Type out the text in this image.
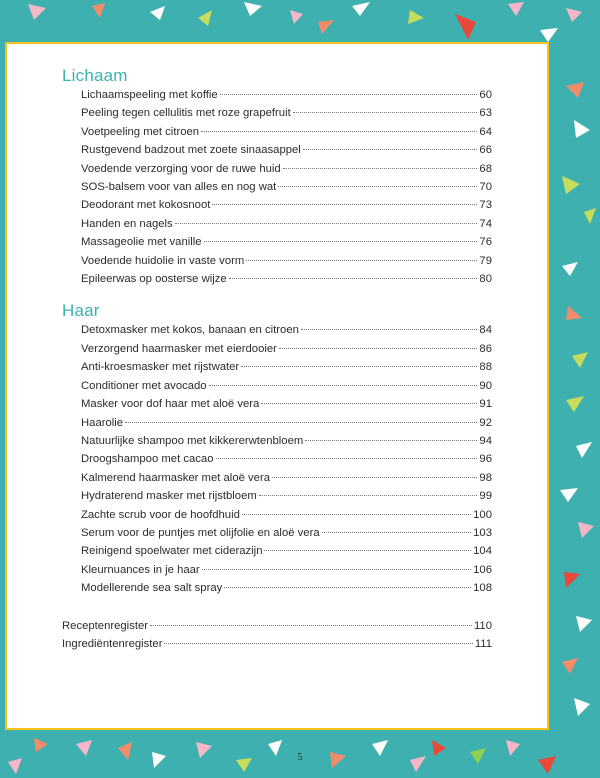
Lichaam
Lichaamspeeling met koffie	60
Peeling tegen cellulitis met roze grapefruit	63
Voetpeeling met citroen	64
Rustgevend badzout met zoete sinaasappel	66
Voedende verzorging voor de ruwe huid	68
SOS-balsem voor van alles en nog wat	70
Deodorant met kokosnoot	73
Handen en nagels	74
Massageolie met vanille	76
Voedende huidolie in vaste vorm	79
Epileerwas op oosterse wijze	80
Haar
Detoxmasker met kokos, banaan en citroen	84
Verzorgend haarmasker met eierdooier	86
Anti-kroesmasker met rijstwater	88
Conditioner met avocado	90
Masker voor dof haar met aloë vera	91
Haarolie	92
Natuurlijke shampoo met kikkererwtenbloem	94
Droogshampoo met cacao	96
Kalmerend haarmasker met aloë vera	98
Hydraterend masker met rijstbloem	99
Zachte scrub voor de hoofdhuid	100
Serum voor de puntjes met olijfolie en aloë vera	103
Reinigend spoelwater met ciderazijn	104
Kleurnuances in je haar	106
Modellerende sea salt spray	108
Receptenregister	110
Ingrediëntenregister	111
5
